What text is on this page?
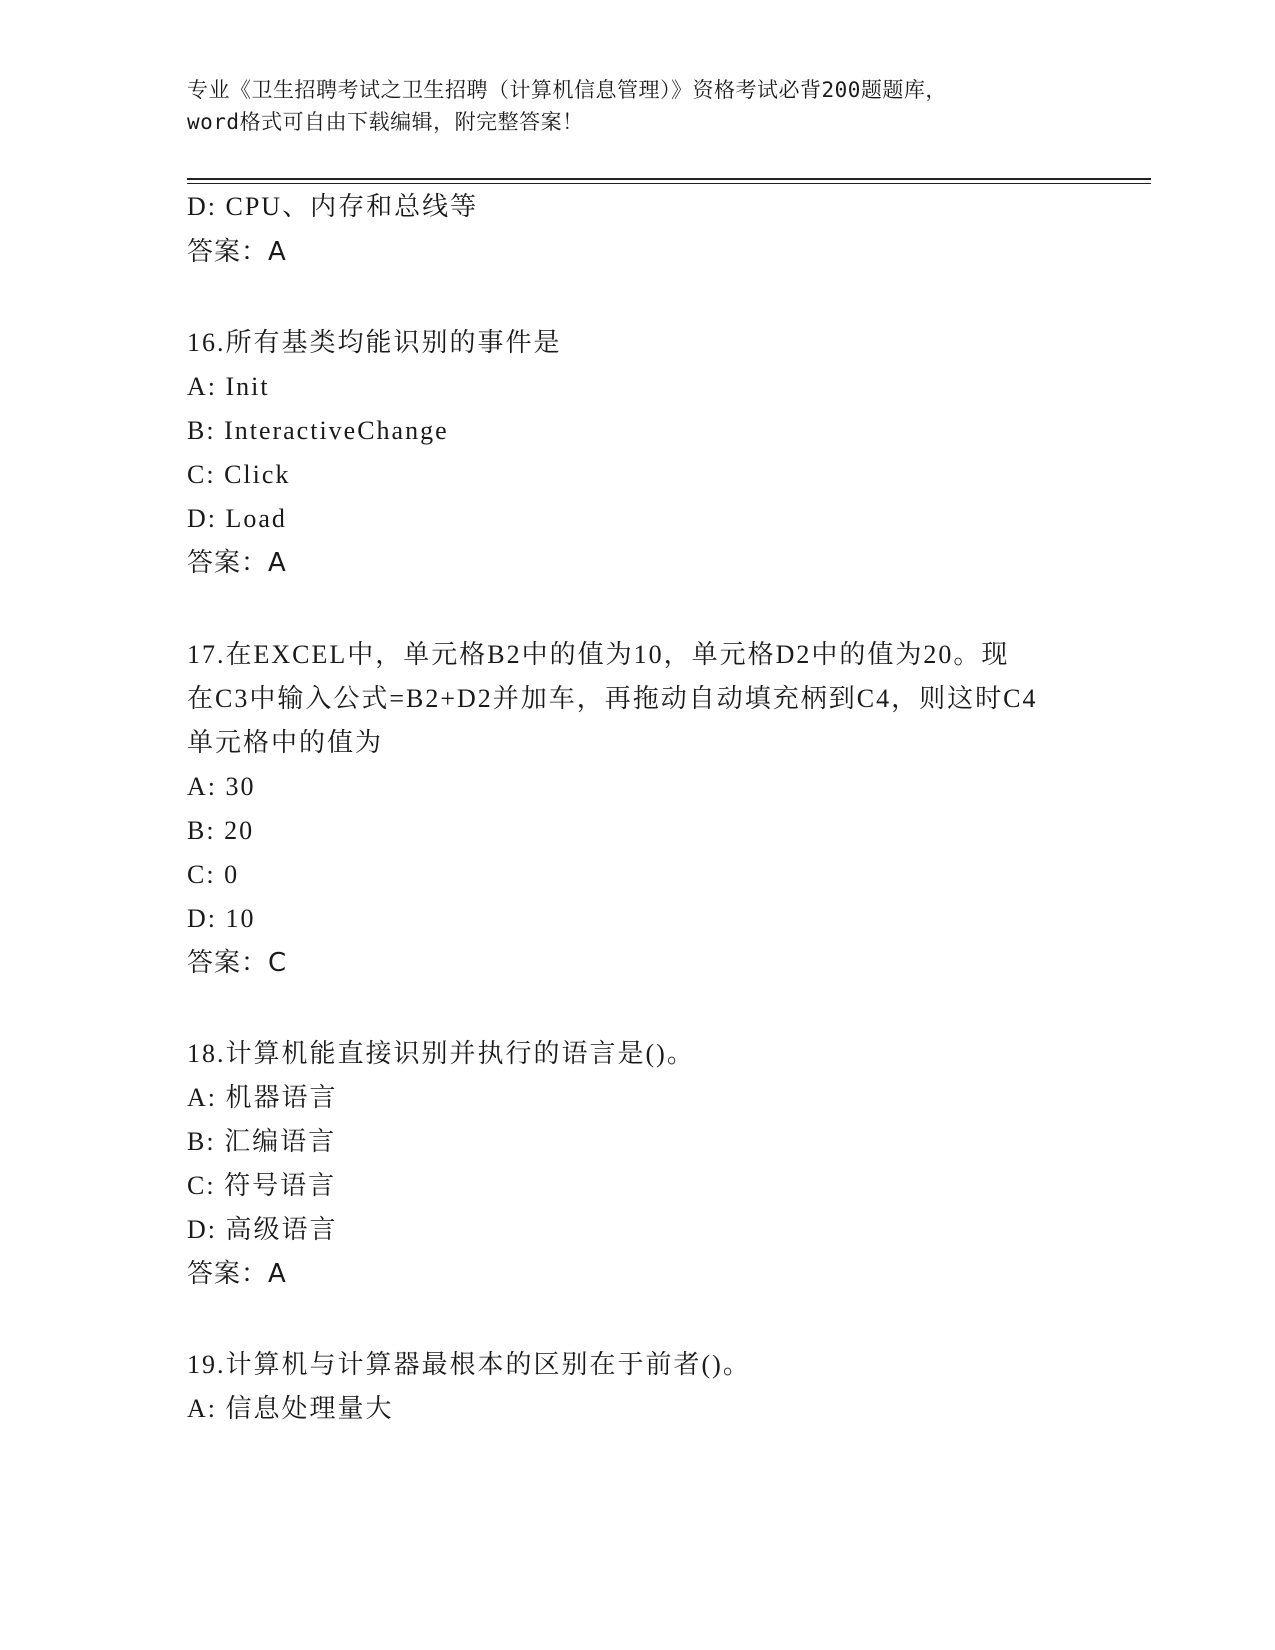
专业《卫生招聘考试之卫生招聘（计算机信息管理）》资格考试必背200题题库，
word格式可自由下载编辑，附完整答案！
D: CPU、内存和总线等
答案：A
16.所有基类均能识别的事件是
A: Init
B: InteractiveChange
C: Click
D: Load
答案：A
17.在EXCEL中，单元格B2中的值为10，单元格D2中的值为20。现
在C3中输入公式=B2+D2并加车，再拖动自动填充柄到C4，则这时C4
单元格中的值为
A: 30
B: 20
C: 0
D: 10
答案：C
18.计算机能直接识别并执行的语言是()。
A: 机器语言
B: 汇编语言
C: 符号语言
D: 高级语言
答案：A
19.计算机与计算器最根本的区别在于前者()。
A: 信息处理量大
